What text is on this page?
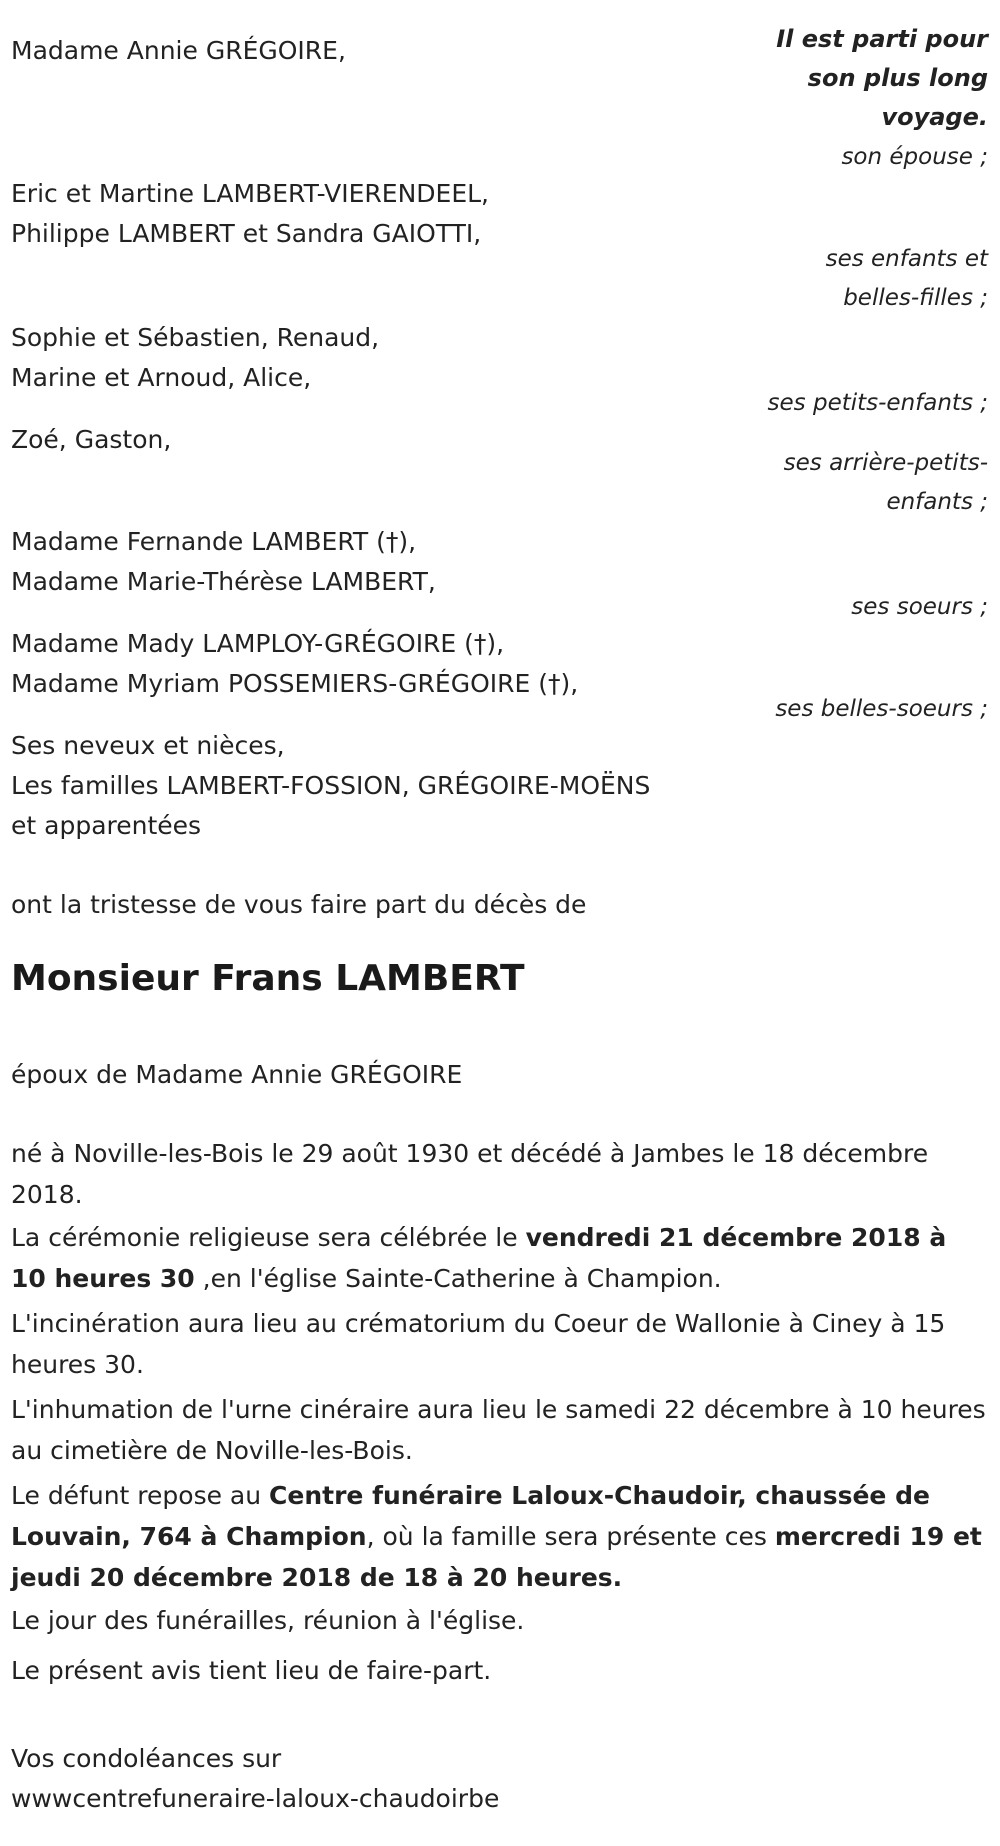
Il est parti pour
son plus long
voyage.
Madame Annie GRÉGOIRE,
son épouse ;
Eric et Martine LAMBERT-VIERENDEEL,
Philippe LAMBERT et Sandra GAIOTTI,
ses enfants et
belles-filles ;
Sophie et Sébastien, Renaud,
Marine et Arnoud, Alice,
ses petits-enfants ;
Zoé, Gaston,
ses arrière-petits-
enfants ;
Madame Fernande LAMBERT (†),
Madame Marie-Thérèse LAMBERT,
ses soeurs ;
Madame Mady LAMPLOY-GRÉGOIRE (†),
Madame Myriam POSSEMIERS-GRÉGOIRE (†),
ses belles-soeurs ;
Ses neveux et nièces,
Les familles LAMBERT-FOSSION, GRÉGOIRE-MOËNS
et apparentées
ont la tristesse de vous faire part du décès de
Monsieur Frans LAMBERT
époux de Madame Annie GRÉGOIRE
né à Noville-les-Bois le 29 août 1930 et décédé à Jambes le 18 décembre 2018.
La cérémonie religieuse sera célébrée le vendredi 21 décembre 2018 à 10 heures 30 ,en l'église Sainte-Catherine à Champion.
L'incinération aura lieu au crématorium du Coeur de Wallonie à Ciney à 15 heures 30.
L'inhumation de l'urne cinéraire aura lieu le samedi 22 décembre à 10 heures au cimetière de Noville-les-Bois.
Le défunt repose au Centre funéraire Laloux-Chaudoir, chaussée de Louvain, 764 à Champion, où la famille sera présente ces mercredi 19 et jeudi 20 décembre 2018 de 18 à 20 heures.
Le jour des funérailles, réunion à l'église.
Le présent avis tient lieu de faire-part.
Vos condoléances sur
wwwcentrefuneraire-laloux-chaudoirbe
